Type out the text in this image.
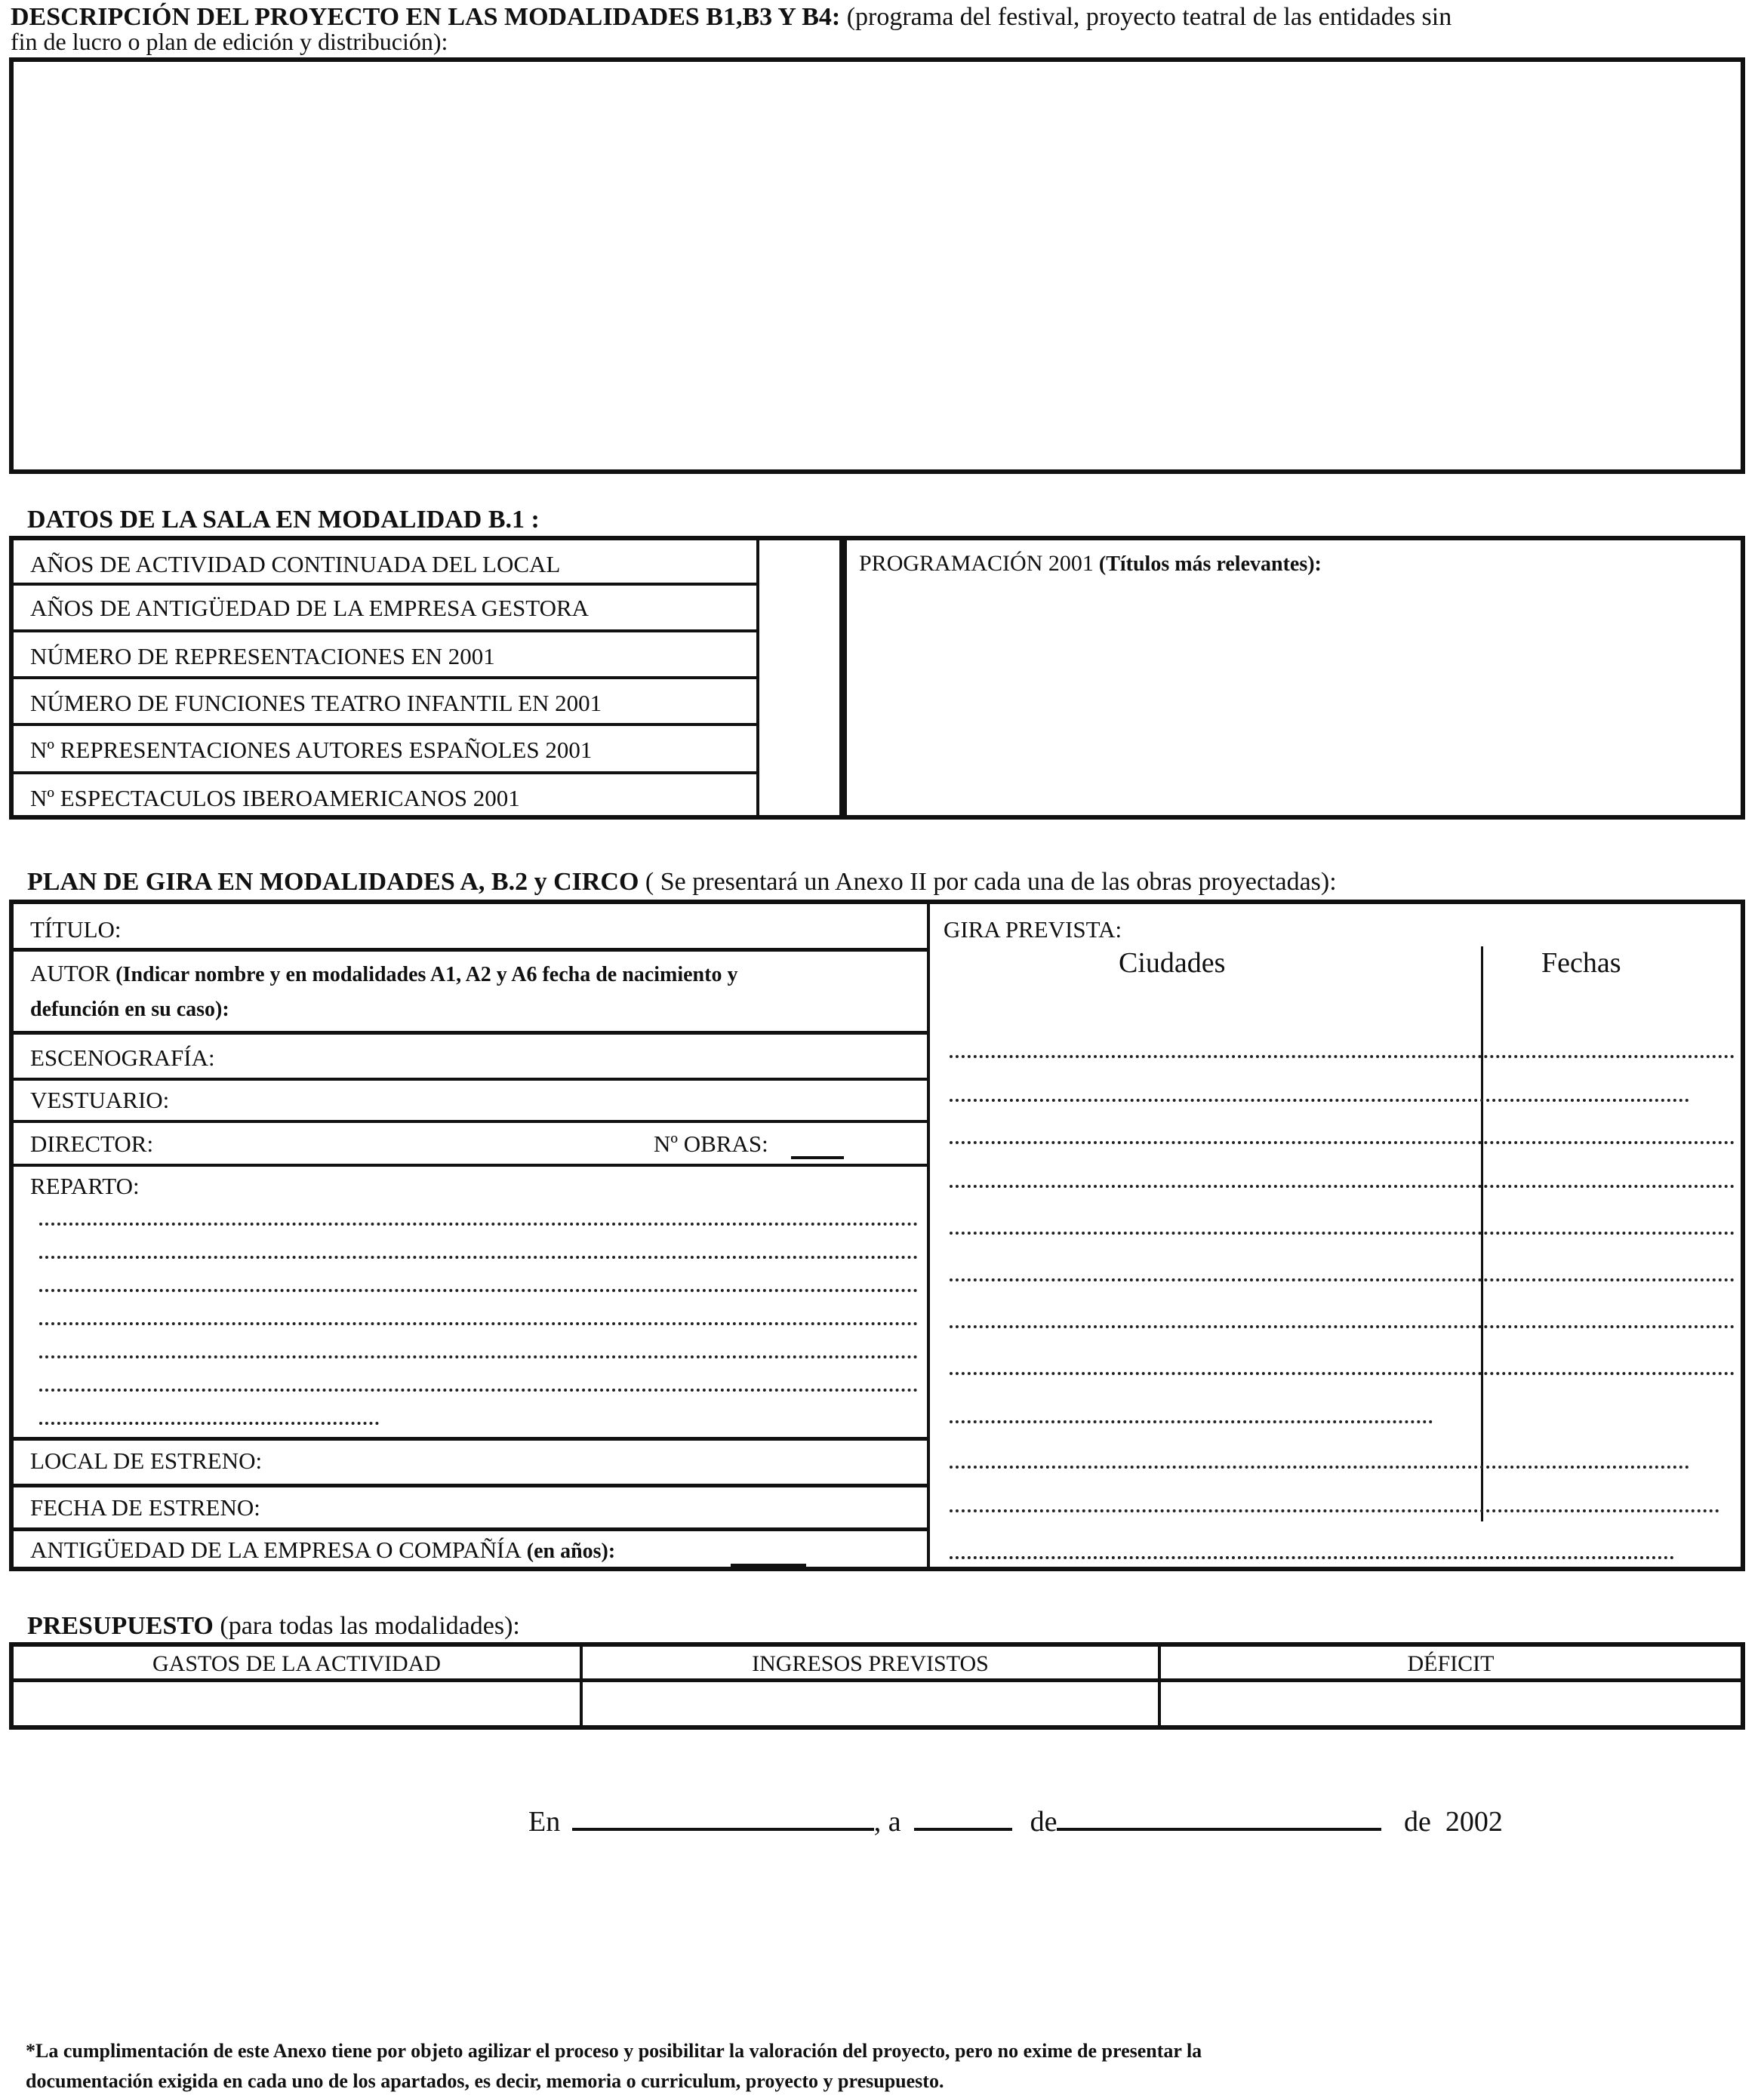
DESCRIPCIÓN DEL PROYECTO EN LAS MODALIDADES B1,B3 Y B4: (programa del festival, proyecto teatral de las entidades sin
fin de lucro o plan de edición y distribución):
DATOS DE LA SALA EN MODALIDAD B.1 :
AÑOS DE ACTIVIDAD CONTINUADA DEL LOCAL
AÑOS DE ANTIGÜEDAD DE LA EMPRESA GESTORA
NÚMERO DE REPRESENTACIONES EN 2001
NÚMERO DE FUNCIONES TEATRO INFANTIL EN 2001
Nº REPRESENTACIONES AUTORES ESPAÑOLES 2001
Nº ESPECTACULOS IBEROAMERICANOS 2001
PROGRAMACIÓN 2001 (Títulos más relevantes):
PLAN DE GIRA EN MODALIDADES A, B.2 y CIRCO ( Se presentará un Anexo II por cada una de las obras proyectadas):
TÍTULO:
AUTOR (Indicar nombre y en modalidades A1, A2 y A6 fecha de nacimiento y
defunción en su caso):
ESCENOGRAFÍA:
VESTUARIO:
DIRECTOR:	Nº OBRAS:
REPARTO:
LOCAL DE ESTRENO:
FECHA DE ESTRENO:
ANTIGÜEDAD DE LA EMPRESA O COMPAÑÍA (en años):
GIRA PREVISTA:
Ciudades	Fechas
PRESUPUESTO (para todas las modalidades):
GASTOS DE LA ACTIVIDAD	INGRESOS PREVISTOS	DÉFICIT
En	, a	de	de  2002
*La cumplimentación de este Anexo tiene por objeto agilizar el proceso y posibilitar la valoración del proyecto, pero no exime de presentar la
documentación exigida en cada uno de los apartados, es decir, memoria o curriculum, proyecto y presupuesto.
